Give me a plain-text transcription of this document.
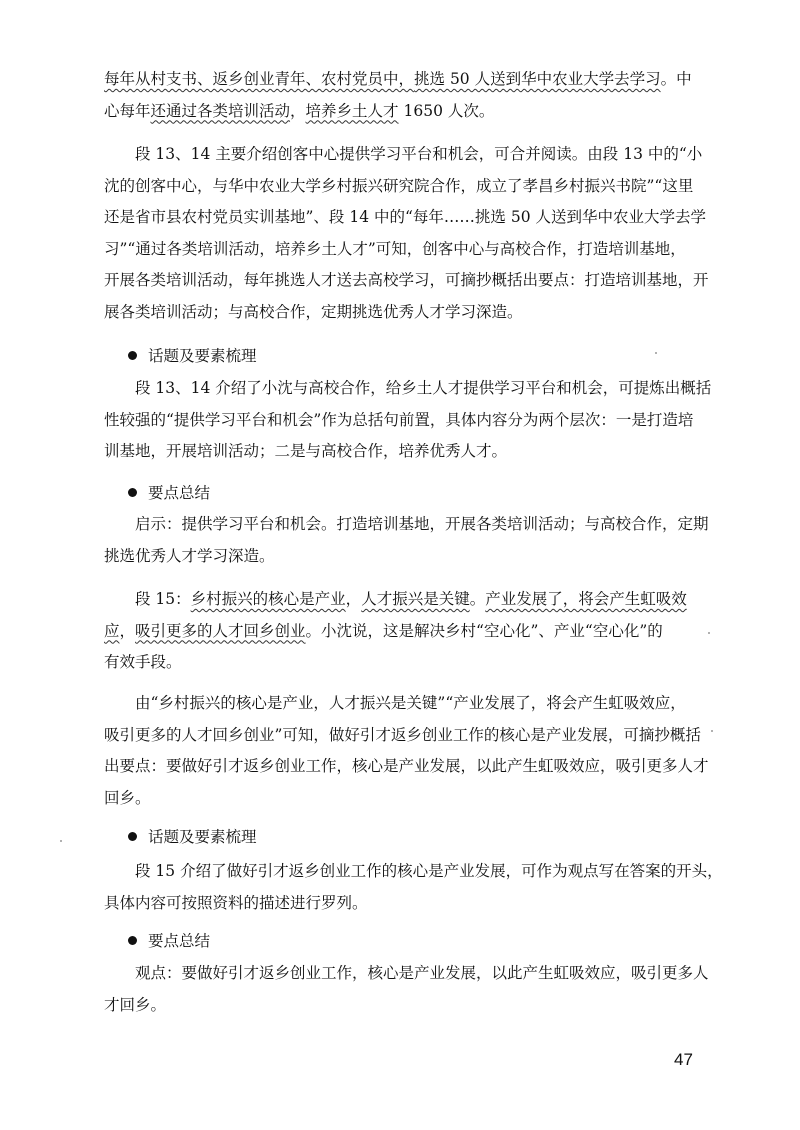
每年从村支书、返乡创业青年、农村党员中，挑选 50 人送到华中农业大学去学习。中
心每年还通过各类培训活动，培养乡土人才 1650 人次。
段 13、14 主要介绍创客中心提供学习平台和机会，可合并阅读。由段 13 中的“小
沈的创客中心，与华中农业大学乡村振兴研究院合作，成立了孝昌乡村振兴书院”“这里
还是省市县农村党员实训基地”、段 14 中的“每年……挑选 50 人送到华中农业大学去学
习”“通过各类培训活动，培养乡土人才”可知，创客中心与高校合作，打造培训基地，
开展各类培训活动，每年挑选人才送去高校学习，可摘抄概括出要点：打造培训基地，开
展各类培训活动；与高校合作，定期挑选优秀人才学习深造。
话题及要素梳理
段 13、14 介绍了小沈与高校合作，给乡土人才提供学习平台和机会，可提炼出概括
性较强的“提供学习平台和机会”作为总括句前置，具体内容分为两个层次：一是打造培
训基地，开展培训活动；二是与高校合作，培养优秀人才。
要点总结
启示：提供学习平台和机会。打造培训基地，开展各类培训活动；与高校合作，定期
挑选优秀人才学习深造。
段 15：乡村振兴的核心是产业，人才振兴是关键。产业发展了，将会产生虹吸效
应，吸引更多的人才回乡创业。小沈说，这是解决乡村“空心化”、产业“空心化”的
有效手段。
由“乡村振兴的核心是产业，人才振兴是关键”“产业发展了，将会产生虹吸效应，
吸引更多的人才回乡创业”可知，做好引才返乡创业工作的核心是产业发展，可摘抄概括
出要点：要做好引才返乡创业工作，核心是产业发展，以此产生虹吸效应，吸引更多人才
回乡。
话题及要素梳理
段 15 介绍了做好引才返乡创业工作的核心是产业发展，可作为观点写在答案的开头，
具体内容可按照资料的描述进行罗列。
要点总结
观点：要做好引才返乡创业工作，核心是产业发展，以此产生虹吸效应，吸引更多人
才回乡。
47
